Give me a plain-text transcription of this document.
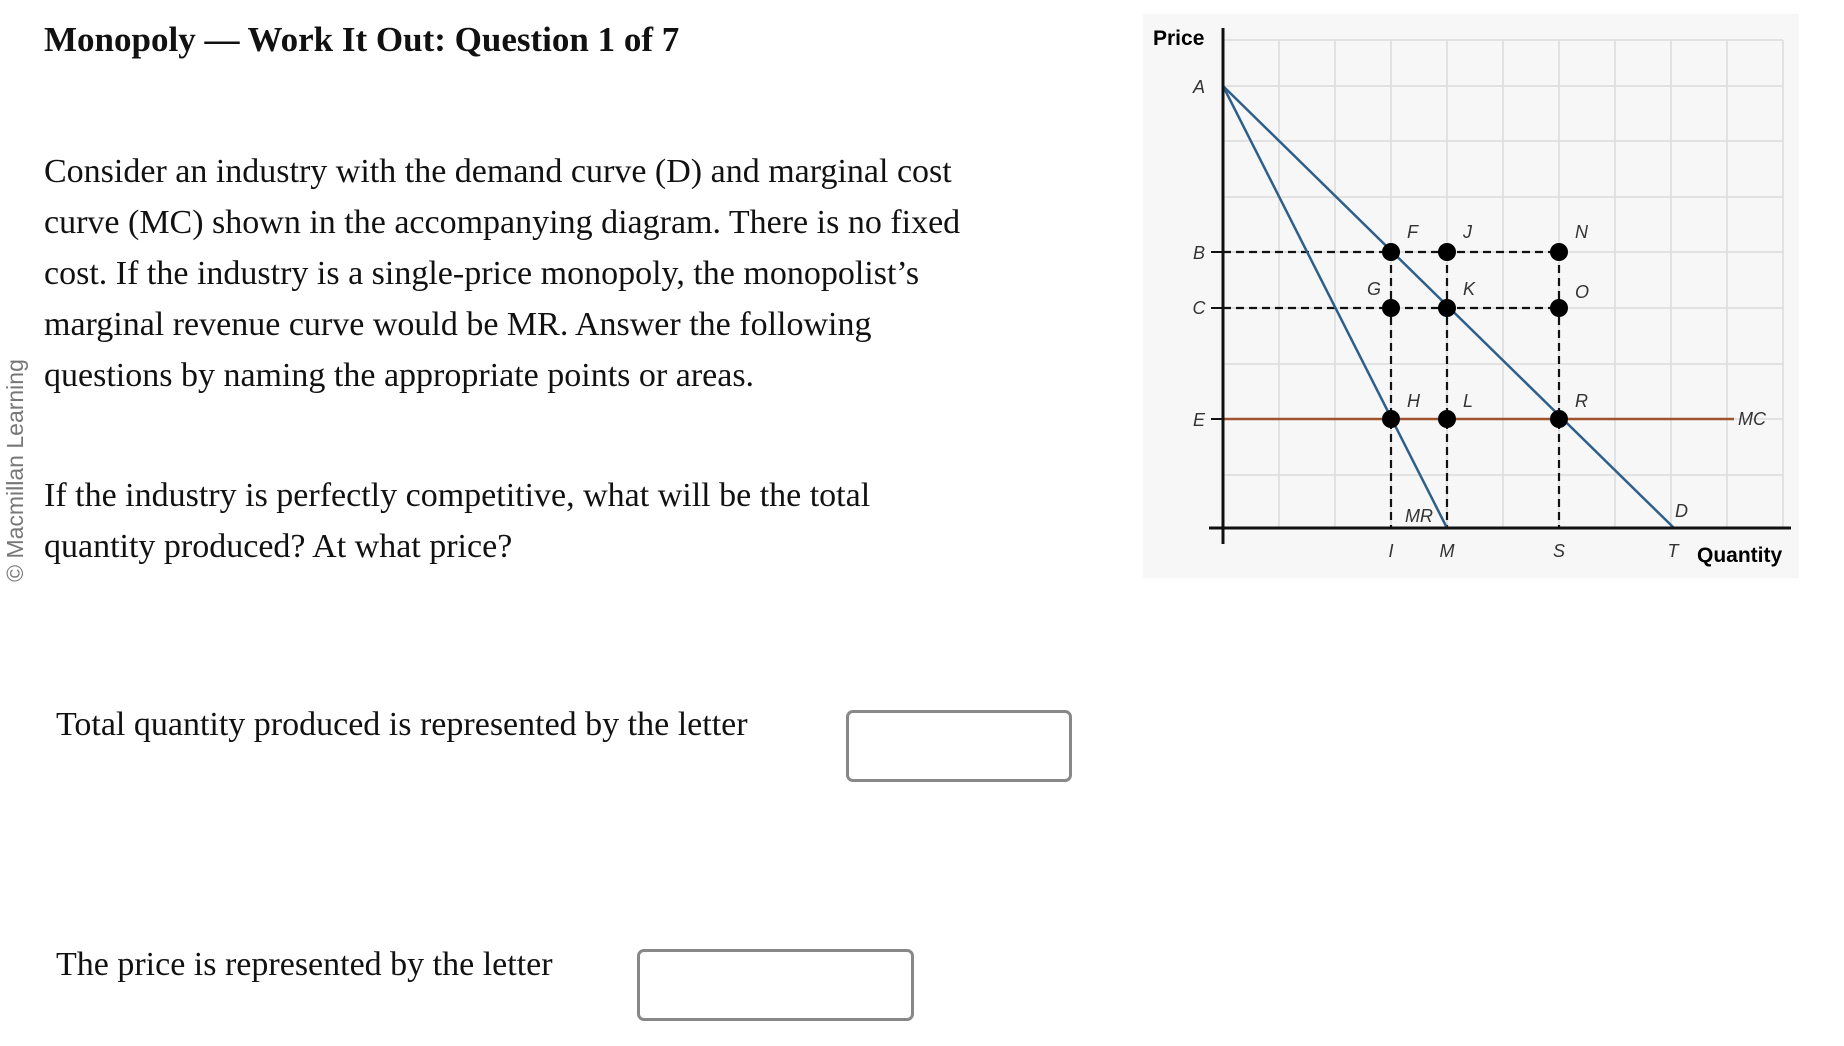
© Macmillan Learning
Monopoly — Work It Out: Question 1 of 7

Consider an industry with the demand curve (D) and marginal cost curve (MC) shown in the accompanying diagram. There is no fixed cost. If the industry is a single-price monopoly, the monopolist’s marginal revenue curve would be MR. Answer the following questions by naming the appropriate points or areas.

If the industry is perfectly competitive, what will be the total quantity produced? At what price?

Total quantity produced is represented by the letter
The price is represented by the letter
Price
Quantity
A
B
C
E
I	M	S	T
F	J	N
G	K	O
H L	R
MC
MR	D
